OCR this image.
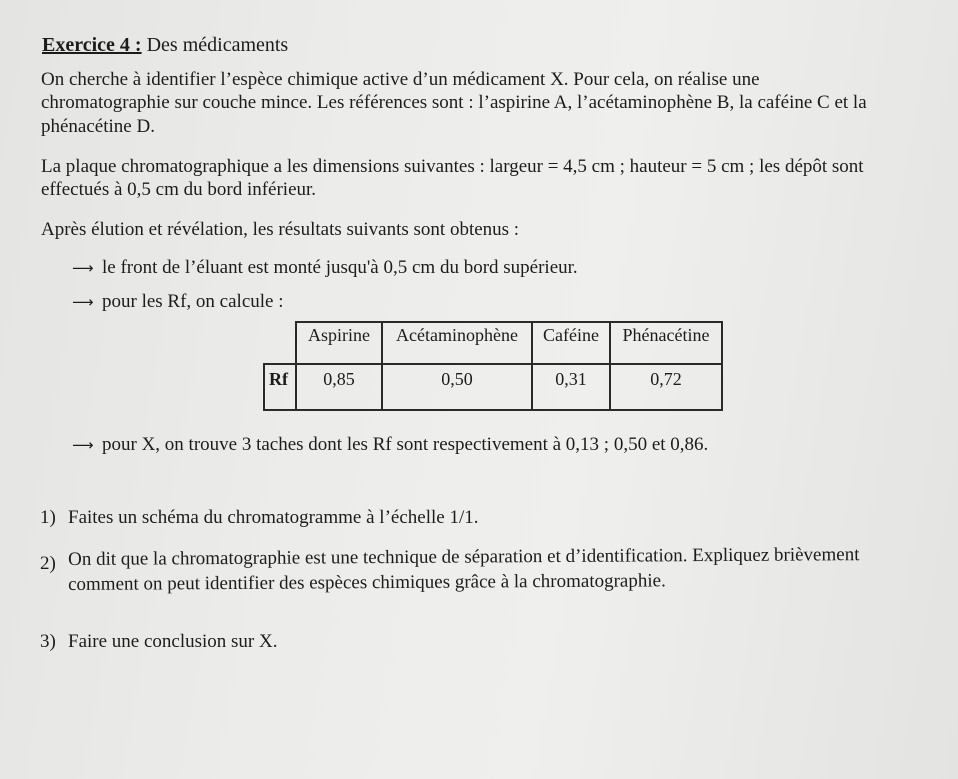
Exercice 4 : Des médicaments
On cherche à identifier l’espèce chimique active d’un médicament X. Pour cela, on réalise une
chromatographie sur couche mince. Les références sont : l’aspirine A, l’acétaminophène B, la caféine C et la
phénacétine D.
La plaque chromatographique a les dimensions suivantes : largeur = 4,5 cm ; hauteur = 5 cm ; les dépôt sont
effectués à 0,5 cm du bord inférieur.
Après élution et révélation, les résultats suivants sont obtenus :
⟶ le front de l’éluant est monté jusqu'à 0,5 cm du bord supérieur.
⟶ pour les Rf, on calcule :
	Aspirine	Acétaminophène	Caféine	Phénacétine
Rf	0,85	0,50	0,31	0,72
⟶ pour X, on trouve 3 taches dont les Rf sont respectivement à 0,13 ; 0,50 et 0,86.
1) Faites un schéma du chromatogramme à l’échelle 1/1.
2) On dit que la chromatographie est une technique de séparation et d’identification. Expliquez brièvement
comment on peut identifier des espèces chimiques grâce à la chromatographie.
3) Faire une conclusion sur X.
